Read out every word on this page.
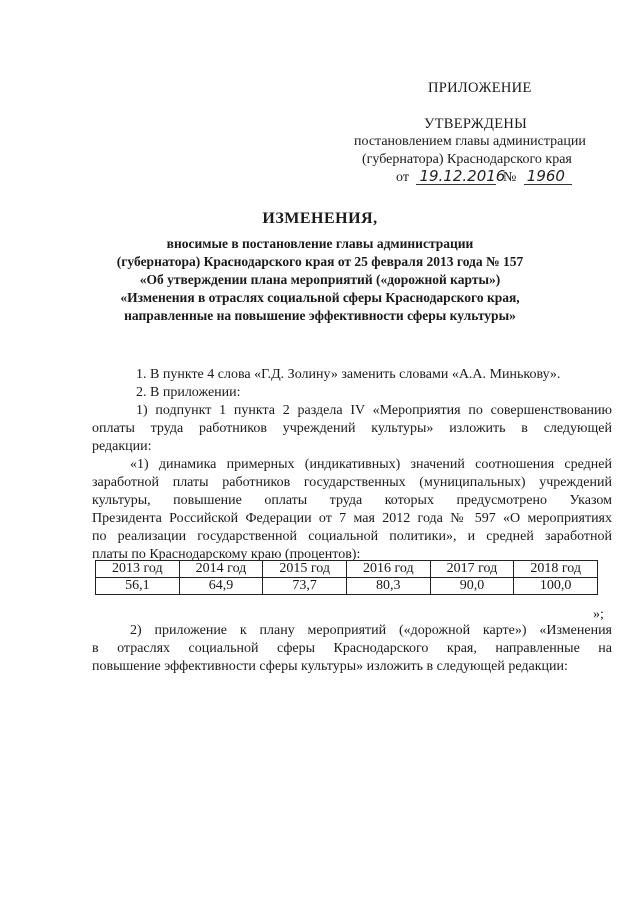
ПРИЛОЖЕНИЕ
УТВЕРЖДЕНЫ
постановлением главы администрации
(губернатора) Краснодарского края
от 19.12.2016 № 1960
ИЗМЕНЕНИЯ,
вносимые в постановление главы администрации
(губернатора) Краснодарского края от 25 февраля 2013 года № 157
«Об утверждении плана мероприятий («дорожной карты»)
«Изменения в отраслях социальной сферы Краснодарского края,
направленные на повышение эффективности сферы культуры»
1. В пункте 4 слова «Г.Д. Золину» заменить словами «А.А. Минькову».
2. В приложении:
1) подпункт 1 пункта 2 раздела IV «Мероприятия по совершенствованию
оплаты труда работников учреждений культуры» изложить в следующей
редакции:
«1) динамика примерных (индикативных) значений соотношения средней
заработной платы работников государственных (муниципальных) учреждений
культуры, повышение оплаты труда которых предусмотрено Указом
Президента Российской Федерации от 7 мая 2012 года № 597 «О мероприятиях
по реализации государственной социальной политики», и средней заработной
платы по Краснодарскому краю (процентов):
2013 год	2014 год	2015 год	2016 год	2017 год	2018 год
56,1	64,9	73,7	80,3	90,0	100,0
»;
2) приложение к плану мероприятий («дорожной карте») «Изменения
в отраслях социальной сферы Краснодарского края, направленные на
повышение эффективности сферы культуры» изложить в следующей редакции:
